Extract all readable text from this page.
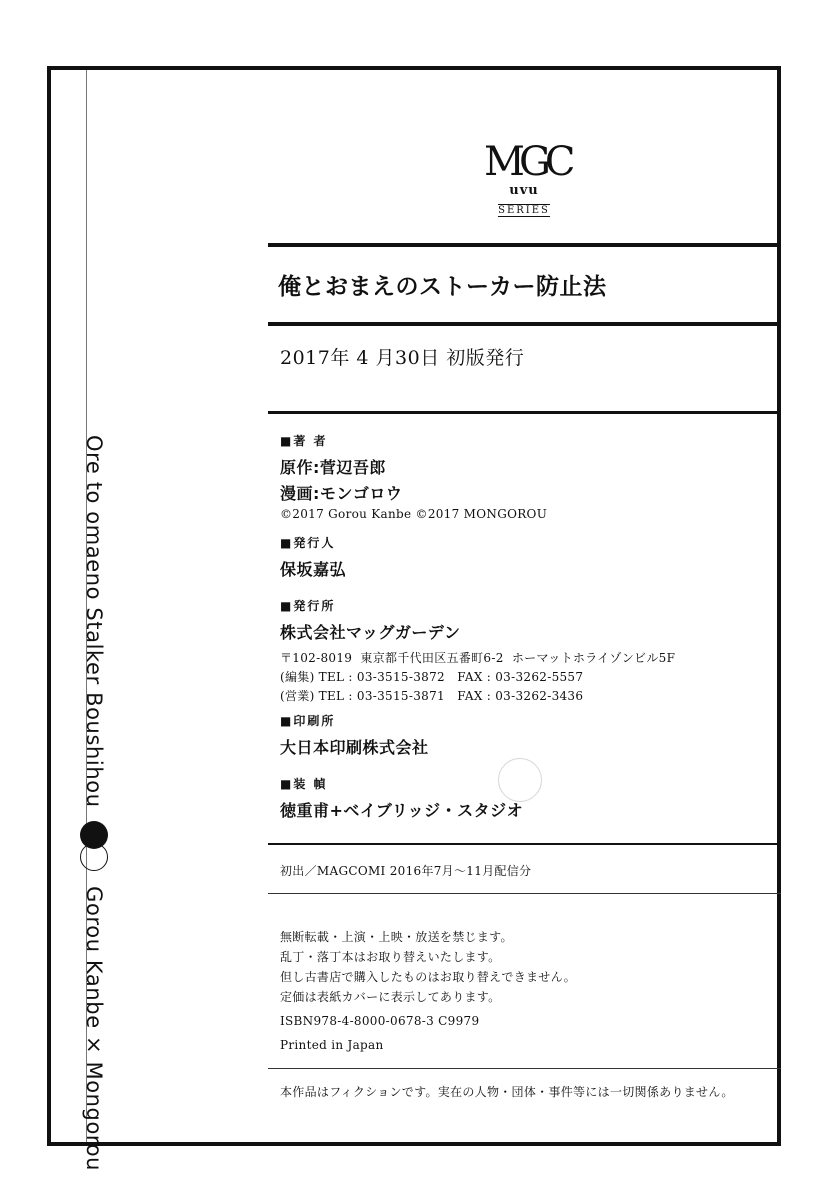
Ore to omaeno Stalker Boushihou
Gorou Kanbe × Mongorou
MGC
uvu
SERIES
俺とおまえのストーカー防止法
2017年 4 月30日 初版発行
■著 者
原作:菅辺吾郎
漫画:モンゴロウ
©2017 Gorou Kanbe ©2017 MONGOROU
■発行人
保坂嘉弘
■発行所
株式会社マッグガーデン
〒102-8019  東京都千代田区五番町6-2  ホーマットホライゾンビル5F
(編集) TEL : 03-3515-3872   FAX : 03-3262-5557
(営業) TEL : 03-3515-3871   FAX : 03-3262-3436
■印刷所
大日本印刷株式会社
■装 幀
徳重甫+ベイブリッジ・スタジオ
初出／MAGCOMI 2016年7月～11月配信分
無断転載・上演・上映・放送を禁じます。
乱丁・落丁本はお取り替えいたします。
但し古書店で購入したものはお取り替えできません。
定価は表紙カバーに表示してあります。
ISBN978-4-8000-0678-3 C9979
Printed in Japan
本作品はフィクションです。実在の人物・団体・事件等には一切関係ありません。
